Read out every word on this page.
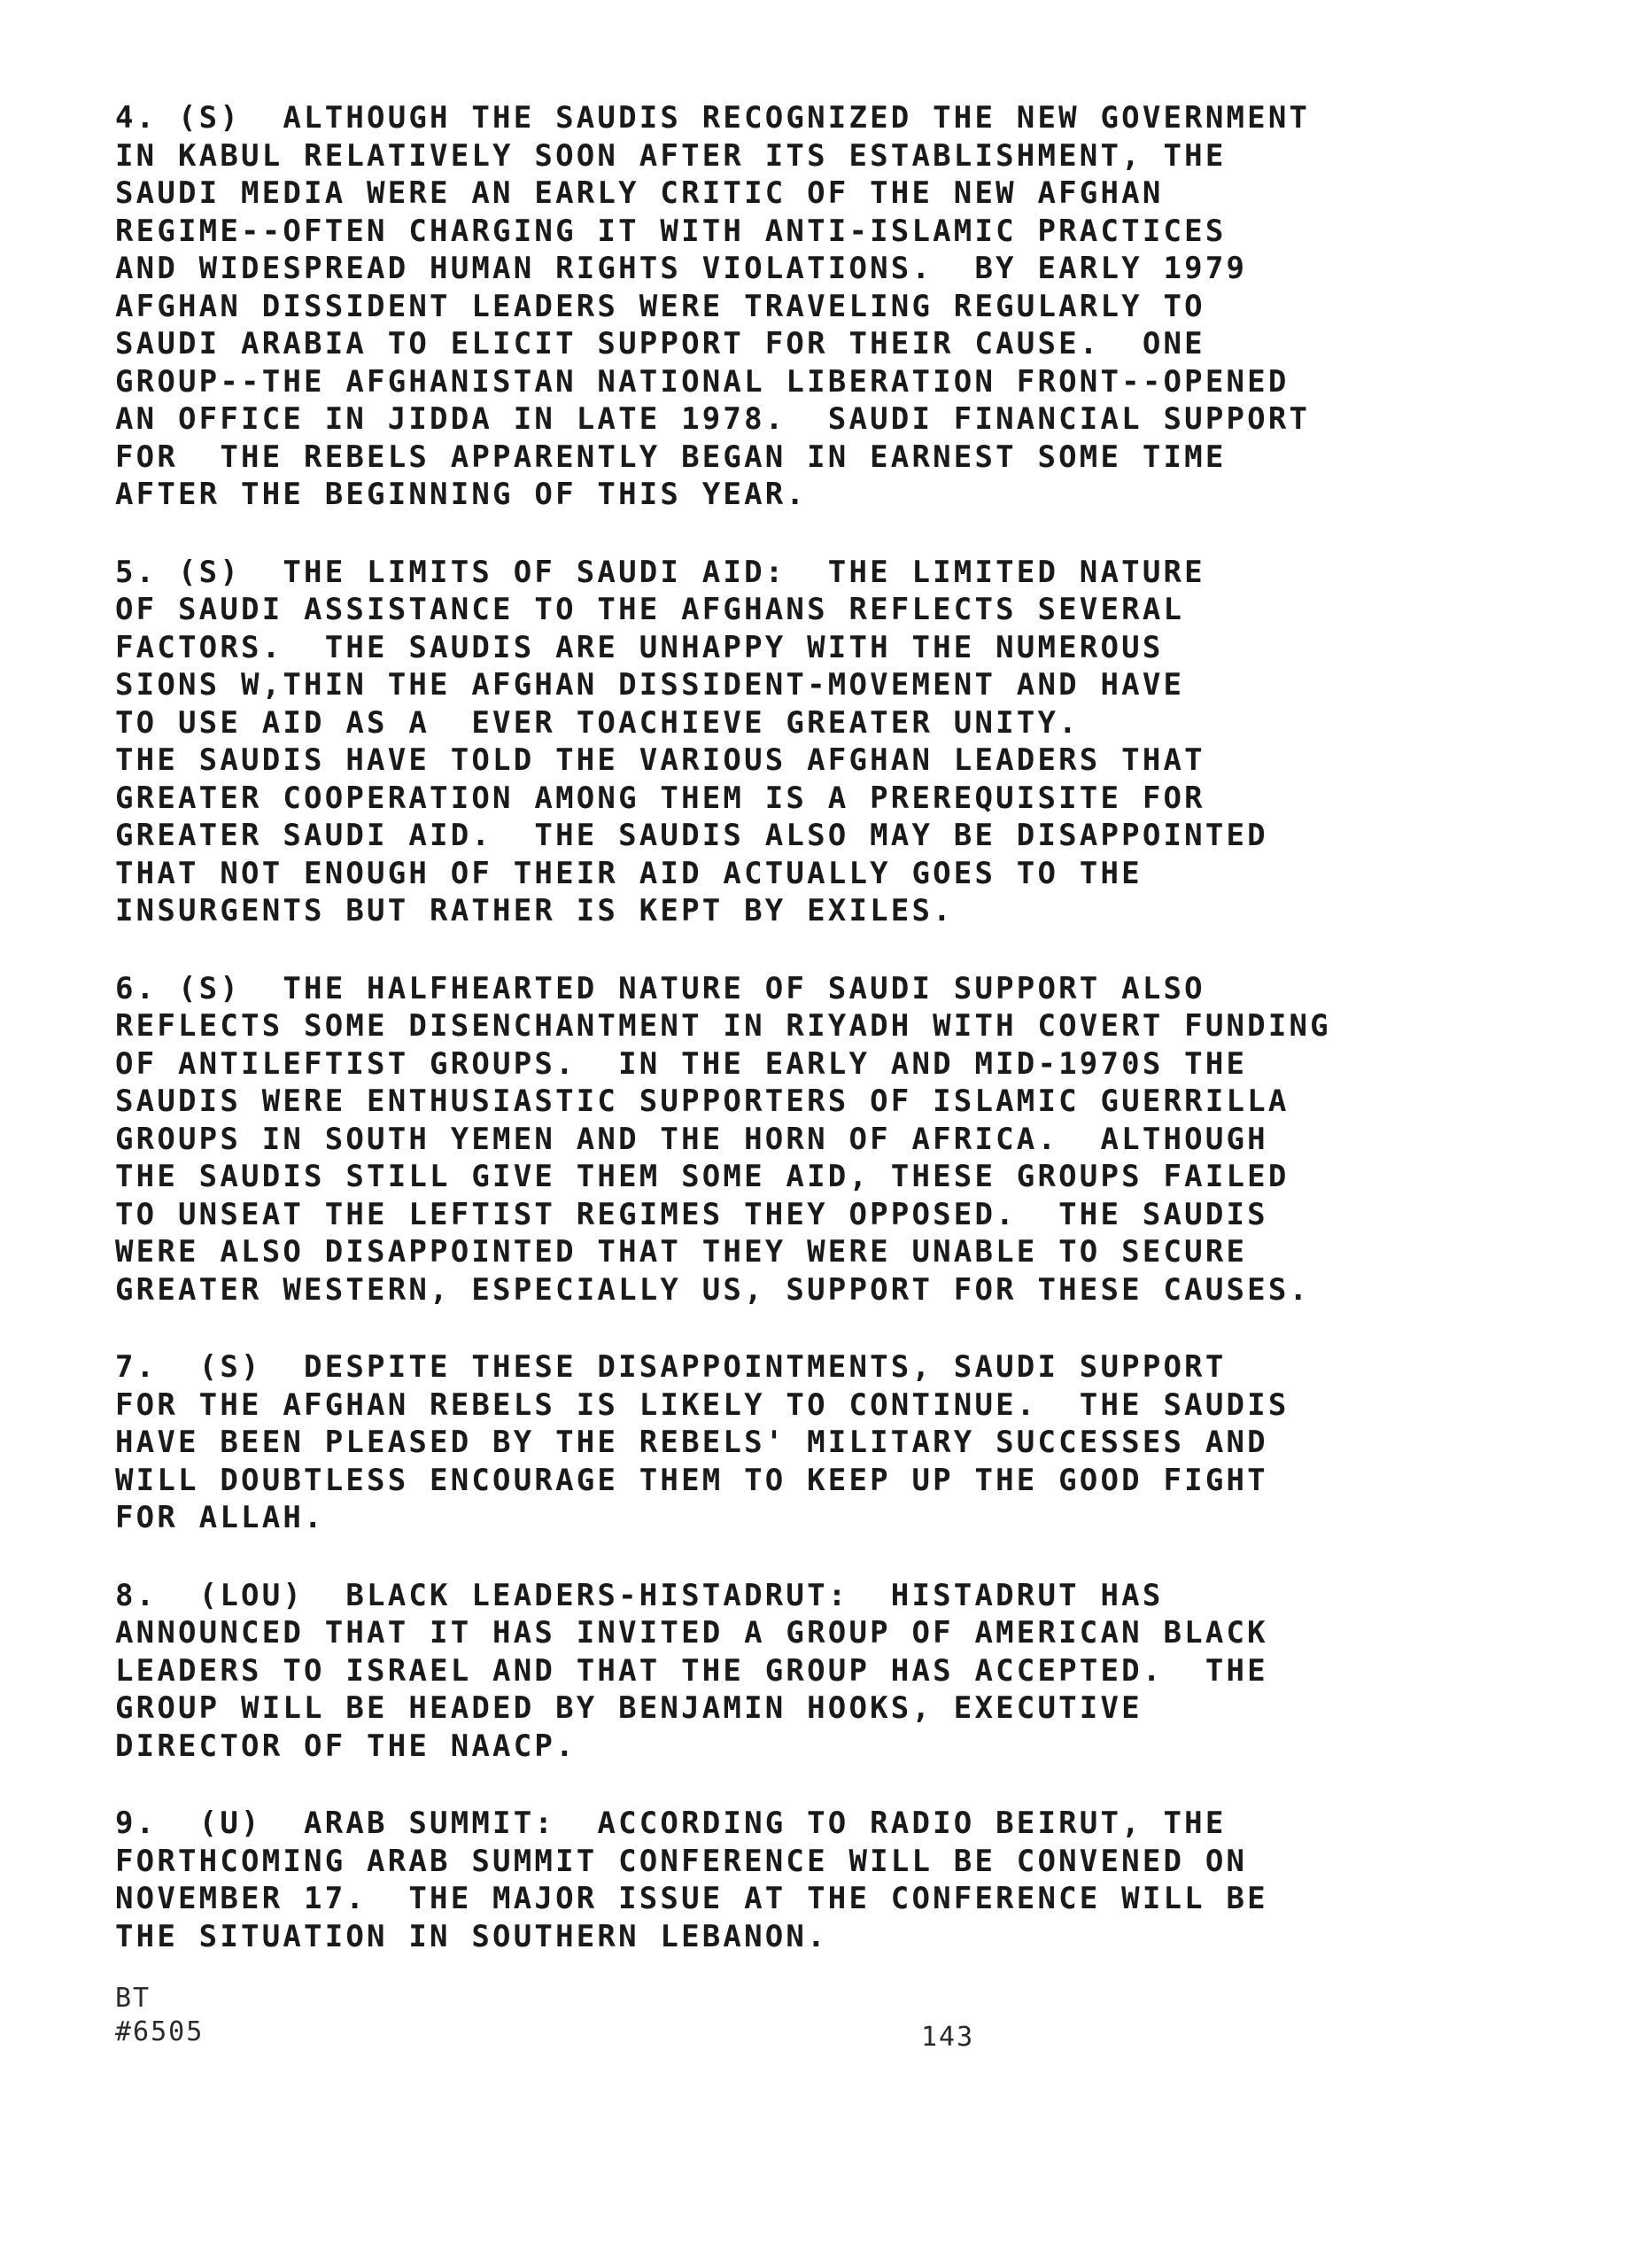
4. (S)  ALTHOUGH THE SAUDIS RECOGNIZED THE NEW GOVERNMENT
IN KABUL RELATIVELY SOON AFTER ITS ESTABLISHMENT, THE
SAUDI MEDIA WERE AN EARLY CRITIC OF THE NEW AFGHAN
REGIME--OFTEN CHARGING IT WITH ANTI-ISLAMIC PRACTICES
AND WIDESPREAD HUMAN RIGHTS VIOLATIONS.  BY EARLY 1979
AFGHAN DISSIDENT LEADERS WERE TRAVELING REGULARLY TO
SAUDI ARABIA TO ELICIT SUPPORT FOR THEIR CAUSE.  ONE
GROUP--THE AFGHANISTAN NATIONAL LIBERATION FRONT--OPENED
AN OFFICE IN JIDDA IN LATE 1978.  SAUDI FINANCIAL SUPPORT
FOR  THE REBELS APPARENTLY BEGAN IN EARNEST SOME TIME
AFTER THE BEGINNING OF THIS YEAR.
5. (S)  THE LIMITS OF SAUDI AID:  THE LIMITED NATURE
OF SAUDI ASSISTANCE TO THE AFGHANS REFLECTS SEVERAL
FACTORS.  THE SAUDIS ARE UNHAPPY WITH THE NUMEROUS
SIONS W,THIN THE AFGHAN DISSIDENT-MOVEMENT AND HAVE
TO USE AID AS A  EVER TOACHIEVE GREATER UNITY.
THE SAUDIS HAVE TOLD THE VARIOUS AFGHAN LEADERS THAT
GREATER COOPERATION AMONG THEM IS A PREREQUISITE FOR
GREATER SAUDI AID.  THE SAUDIS ALSO MAY BE DISAPPOINTED
THAT NOT ENOUGH OF THEIR AID ACTUALLY GOES TO THE
INSURGENTS BUT RATHER IS KEPT BY EXILES.
6. (S)  THE HALFHEARTED NATURE OF SAUDI SUPPORT ALSO
REFLECTS SOME DISENCHANTMENT IN RIYADH WITH COVERT FUNDING
OF ANTILEFTIST GROUPS.  IN THE EARLY AND MID-1970S THE
SAUDIS WERE ENTHUSIASTIC SUPPORTERS OF ISLAMIC GUERRILLA
GROUPS IN SOUTH YEMEN AND THE HORN OF AFRICA.  ALTHOUGH
THE SAUDIS STILL GIVE THEM SOME AID, THESE GROUPS FAILED
TO UNSEAT THE LEFTIST REGIMES THEY OPPOSED.  THE SAUDIS
WERE ALSO DISAPPOINTED THAT THEY WERE UNABLE TO SECURE
GREATER WESTERN, ESPECIALLY US, SUPPORT FOR THESE CAUSES.
7.  (S)  DESPITE THESE DISAPPOINTMENTS, SAUDI SUPPORT
FOR THE AFGHAN REBELS IS LIKELY TO CONTINUE.  THE SAUDIS
HAVE BEEN PLEASED BY THE REBELS' MILITARY SUCCESSES AND
WILL DOUBTLESS ENCOURAGE THEM TO KEEP UP THE GOOD FIGHT
FOR ALLAH.
8.  (LOU)  BLACK LEADERS-HISTADRUT:  HISTADRUT HAS
ANNOUNCED THAT IT HAS INVITED A GROUP OF AMERICAN BLACK
LEADERS TO ISRAEL AND THAT THE GROUP HAS ACCEPTED.  THE
GROUP WILL BE HEADED BY BENJAMIN HOOKS, EXECUTIVE
DIRECTOR OF THE NAACP.
9.  (U)  ARAB SUMMIT:  ACCORDING TO RADIO BEIRUT, THE
FORTHCOMING ARAB SUMMIT CONFERENCE WILL BE CONVENED ON
NOVEMBER 17.  THE MAJOR ISSUE AT THE CONFERENCE WILL BE
THE SITUATION IN SOUTHERN LEBANON.
BT
#6505	143
